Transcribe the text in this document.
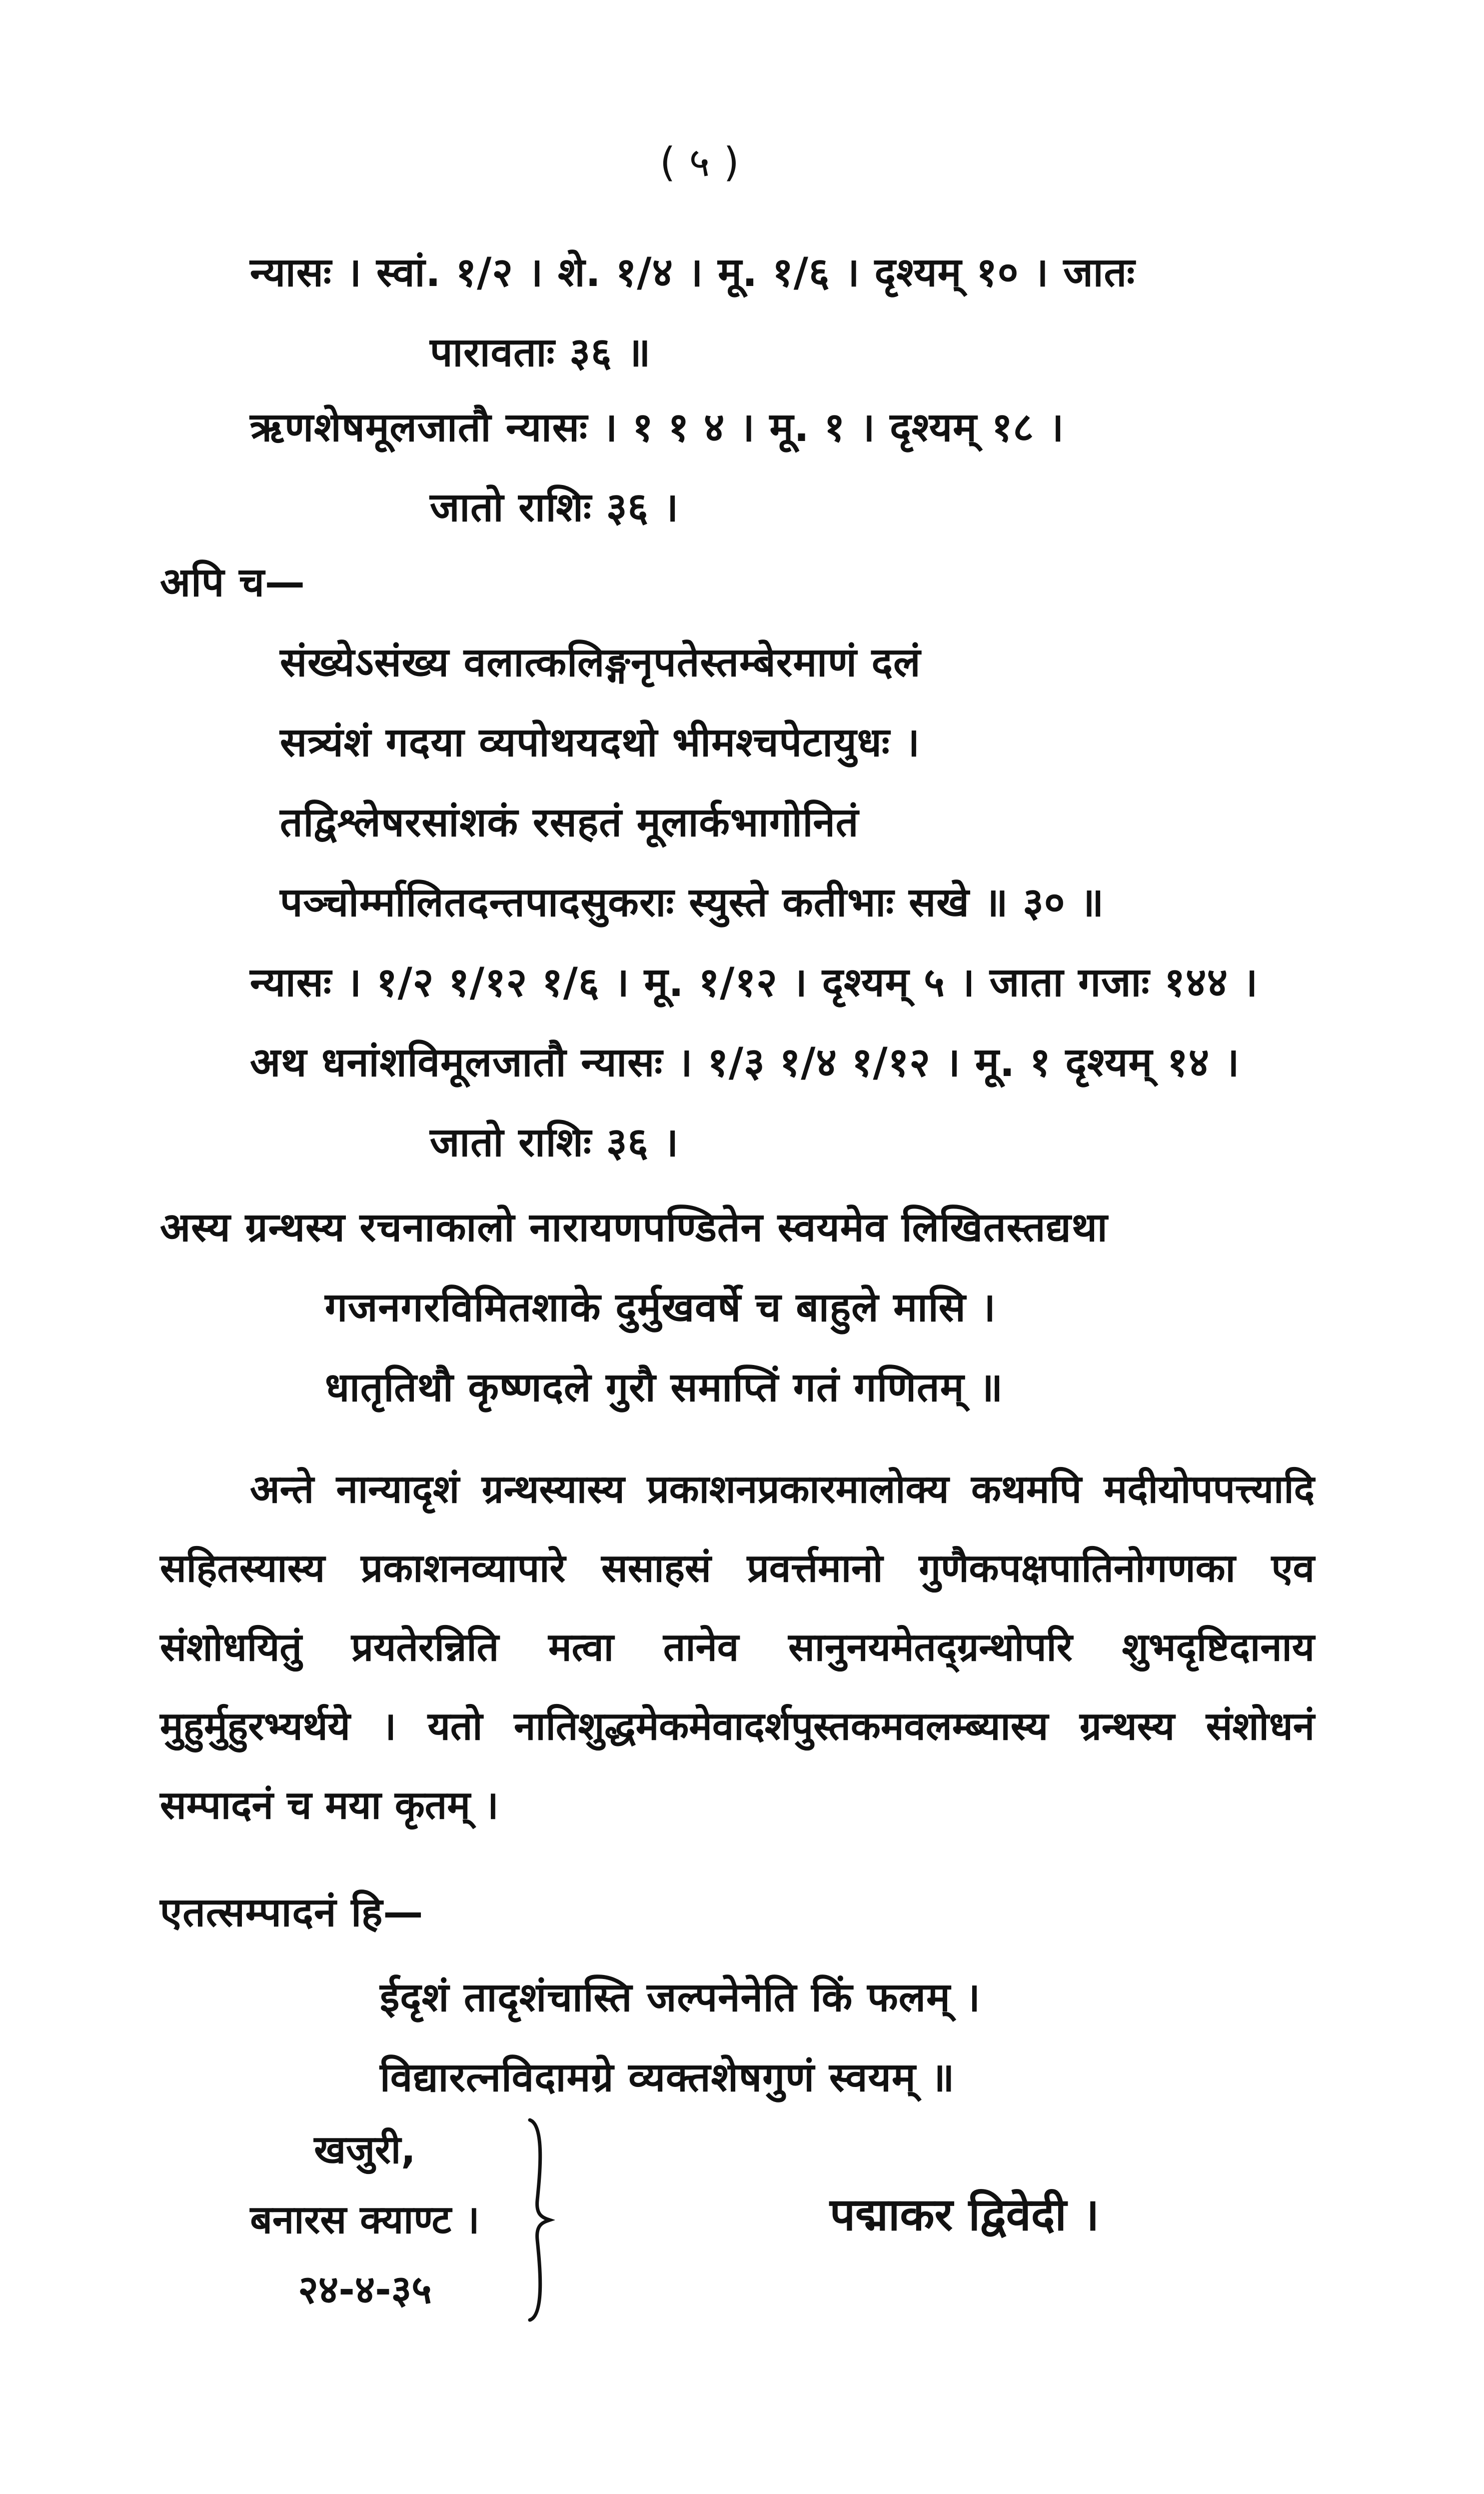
( ५ )
न्यासः । स्वां. १/२ । शे. १/४ । मू. १/६ । दृश्यम् १० । जातः
पारावताः ३६ ॥
ऋणशेषमूलजातौ न्यासः । १ १ ४ । मू. १ । दृश्यम् १८ ।
जातो राशिः ३६ ।
अपि च—
संख्येऽसंख्य वलात्कलिङ्गनृपतेस्तम्बेरमाणं दलं
सत्र्यंशं गदया व्यपोथयदथो भीमश्चपेटायुधः ।
तद्विश्लेषरसांशकं रसहतं मूलार्कभागोनितं
पञ्चोर्म्मालितदन्तपादसुकराः स्युस्ते कतीभाः सखे ॥ ३० ॥
न्यासः । १/२ १/१२ १/६ । मू. १/१२ । दृश्यम् ५ । जाता गजाः १४४ ।
अथ धनांशविमूलजातौ न्यासः । १/३ १/४ १/१२ । मू. १ दृश्यम् १४ ।
जातो राशिः ३६ ।
अस्य ग्रन्थस्य रचनाकालो नारायणपण्डितेन स्वयमेव लिखितस्तद्यथा
गजनगरविमितशाके दुर्मुखवर्षे च बाहुले मासि ।
धातृतिथौ कृष्णदले गुरौ समाप्तिं गतं गणितम् ॥
अन्ते नान्यादृशं ग्रन्थस्यास्य प्रकाशनप्रकारमालोक्य कथमपि मदीयोपपत्त्यादि सहितस्यास्य प्रकाशनव्यापारे ससाहसं प्रवर्त्तमानो गुणैकपक्षपातिनोगणका एव संशोधयितुं प्रयतेरन्निति मत्वा तानेव सानुनयमेतद्ग्रन्थोपरि शुभदृष्टिदानाय मुहुर्मुहुरभ्यर्थये । यतो नातिशुद्धमेकमेवादर्शपुस्तकमवलम्ब्यास्य ग्रन्थस्य संशोधनं सम्पादनं च मया कृतम् ।
एतत्सम्पादनं हि—
ईदृशं तादृशंचास्ति जल्पनेनेति किं फलम् ।
विद्यारत्नविदामग्रे व्यक्तशेषगुणं स्वयम् ॥
खजुरी,
बनारस क्याण्ट ।
२४-४-३५
पद्माकर द्विवेदी ।
